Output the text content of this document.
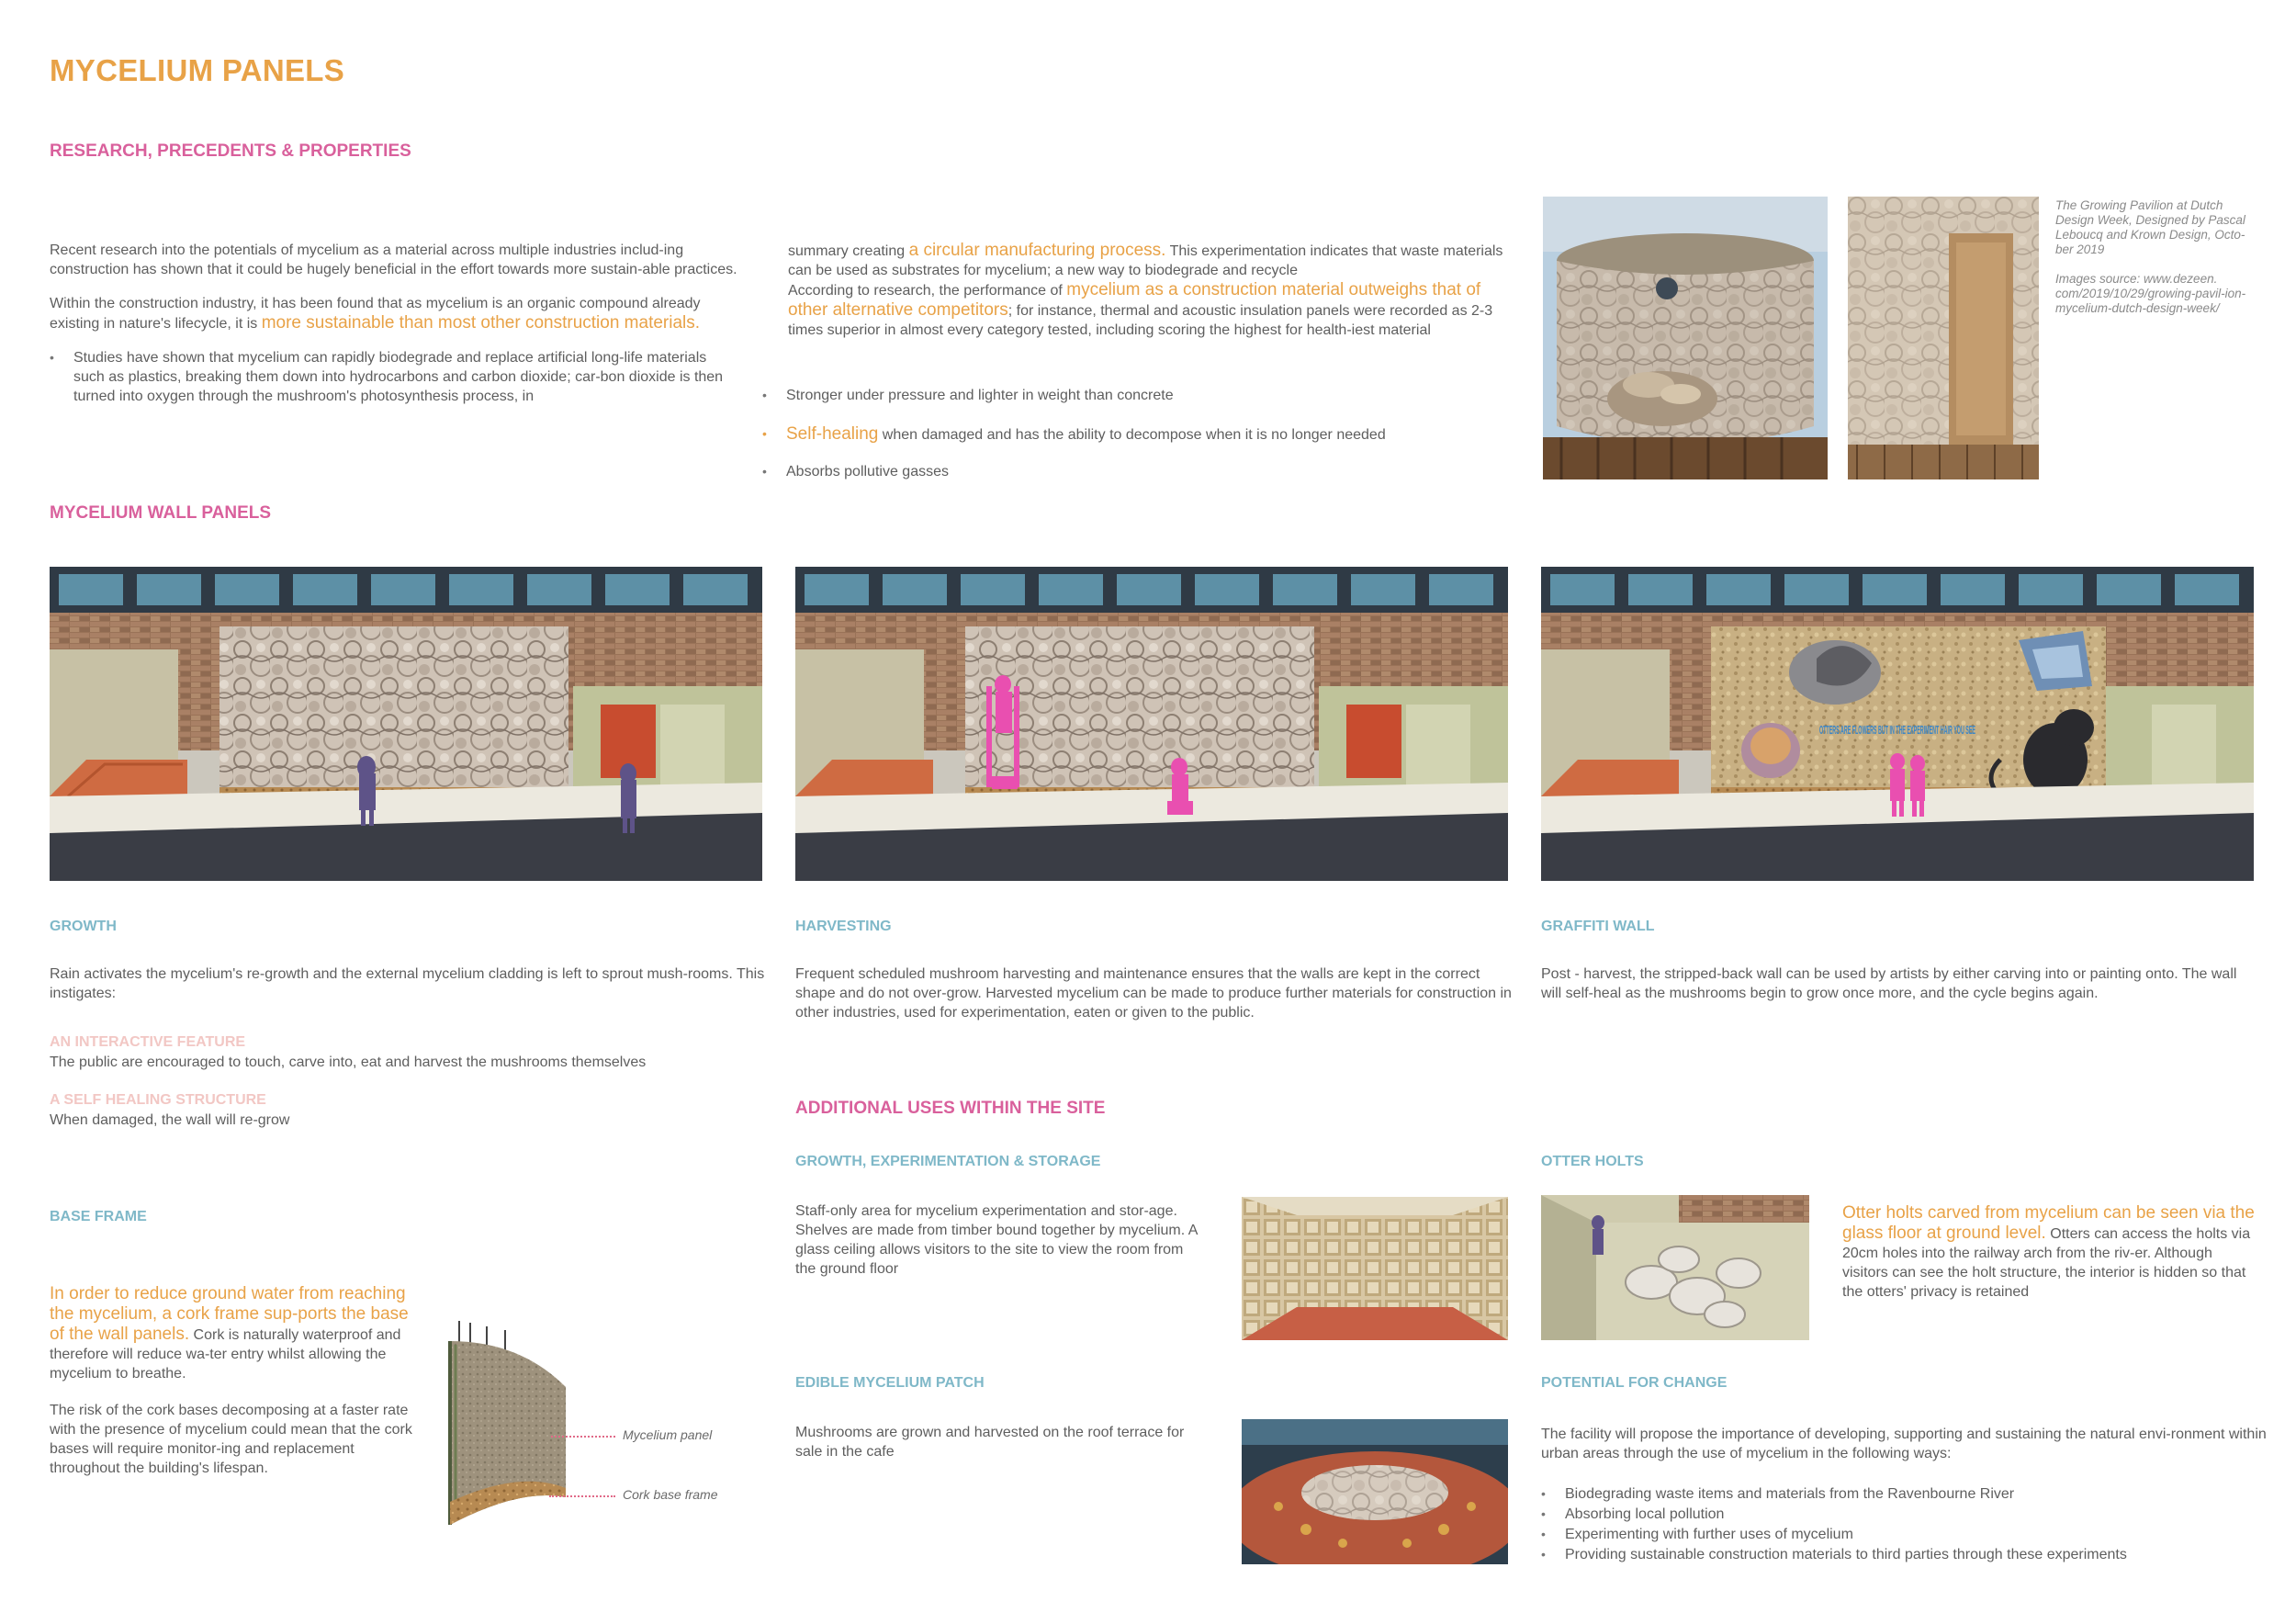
MYCELIUM PANELS
RESEARCH, PRECEDENTS & PROPERTIES
Recent research into the potentials of mycelium as a material across multiple industries includ-ing construction has shown that it could be hugely beneficial in the effort towards more sustain-able practices.
Within the construction industry, it has been found that as mycelium is an organic compound already existing in nature's lifecycle, it is more sustainable than most other construction materials.
• Studies have shown that mycelium can rapidly biodegrade and replace artificial long-life materials such as plastics, breaking them down into hydrocarbons and carbon dioxide; car-bon dioxide is then turned into oxygen through the mushroom's photosynthesis process, in
summary creating a circular manufacturing process. This experimentation indicates that waste materials can be used as substrates for mycelium; a new way to biodegrade and recycle
According to research, the performance of mycelium as a construction material outweighs that of other alternative competitors; for instance, thermal and acoustic insulation panels were recorded as 2-3 times superior in almost every category tested, including scoring the highest for health-iest material
• Stronger under pressure and lighter in weight than concrete
• Self-healing when damaged and has the ability to decompose when it is no longer needed
• Absorbs pollutive gasses
The Growing Pavilion at Dutch Design Week, Designed by Pascal Leboucq and Krown Design, Octo-ber 2019
Images source: www.dezeen. com/2019/10/29/growing-pavil-ion-mycelium-dutch-design-week/
MYCELIUM WALL PANELS
OTTERS ARE FLOWERS BUT IN THE EXPERIMENT HAIR YOU SEE
GROWTH
Rain activates the mycelium's re-growth and the external mycelium cladding is left to sprout mush-rooms. This instigates:
AN INTERACTIVE FEATURE
The public are encouraged to touch, carve into, eat and harvest the mushrooms themselves
A SELF HEALING STRUCTURE
When damaged, the wall will re-grow
HARVESTING
Frequent scheduled mushroom harvesting and maintenance ensures that the walls are kept in the correct shape and do not over-grow. Harvested mycelium can be made to produce further materials for construction in other industries, used for experimentation, eaten or given to the public.
GRAFFITI WALL
Post - harvest, the stripped-back wall can be used by artists by either carving into or painting onto. The wall will self-heal as the mushrooms begin to grow once more, and the cycle begins again.
BASE FRAME
In order to reduce ground water from reaching the mycelium, a cork frame sup-ports the base of the wall panels. Cork is naturally waterproof and therefore will reduce wa-ter entry whilst allowing the mycelium to breathe.
The risk of the cork bases decomposing at a faster rate with the presence of mycelium could mean that the cork bases will require monitor-ing and replacement throughout the building's lifespan.
Mycelium panel
Cork base frame
ADDITIONAL USES WITHIN THE SITE
GROWTH, EXPERIMENTATION & STORAGE
Staff-only area for mycelium experimentation and stor-age. Shelves are made from timber bound together by mycelium. A glass ceiling allows visitors to the site to view the room from the ground floor
EDIBLE MYCELIUM PATCH
Mushrooms are grown and harvested on the roof terrace for sale in the cafe
OTTER HOLTS
Otter holts carved from mycelium can be seen via the glass floor at ground level. Otters can access the holts via 20cm holes into the railway arch from the riv-er. Although visitors can see the holt structure, the interior is hidden so that the otters' privacy is retained
POTENTIAL FOR CHANGE
The facility will propose the importance of developing, supporting and sustaining the natural envi-ronment within urban areas through the use of mycelium in the following ways:
• Biodegrading waste items and materials from the Ravenbourne River
• Absorbing local pollution
• Experimenting with further uses of mycelium
• Providing sustainable construction materials to third parties through these experiments
